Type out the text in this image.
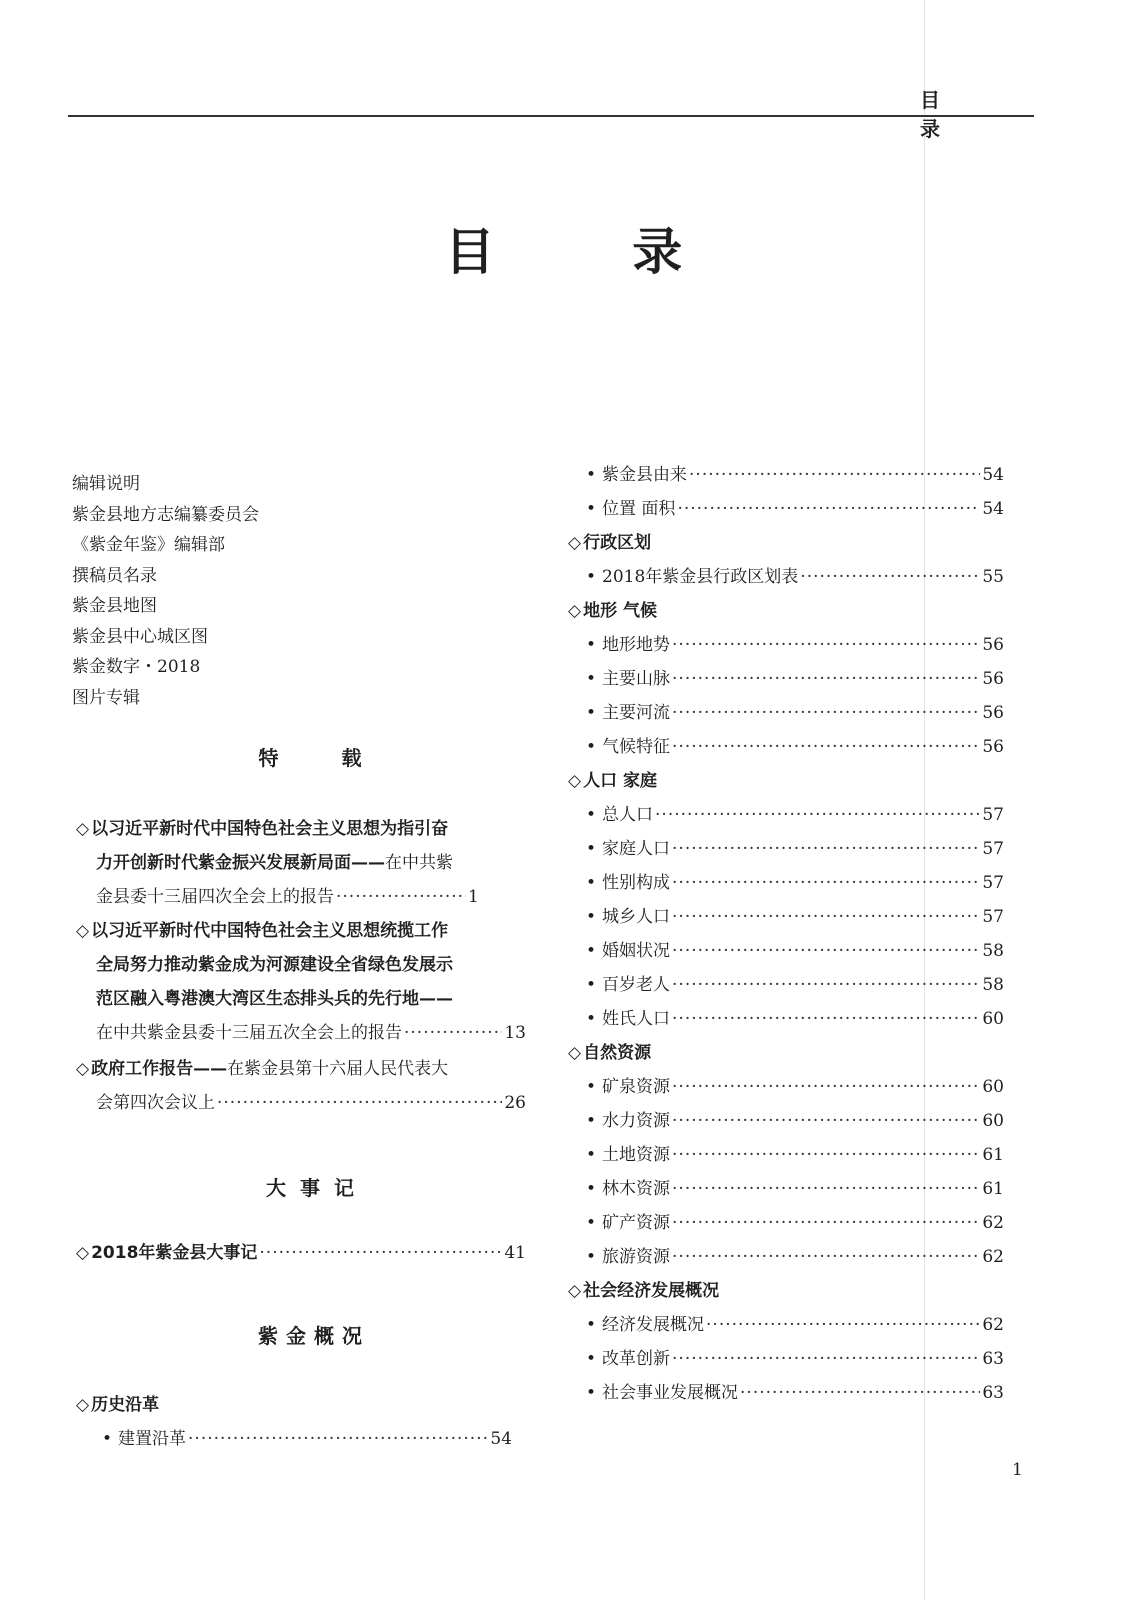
目 录
目 录
编辑说明
紫金县地方志编纂委员会
《紫金年鉴》编辑部
撰稿员名录
紫金县地图
紫金县中心城区图
紫金数字・2018
图片专辑
特 载
◇ 以习近平新时代中国特色社会主义思想为指引奋
力开创新时代紫金振兴发展新局面——在中共紫
金县委十三届四次全会上的报告 ·····	1
◇ 以习近平新时代中国特色社会主义思想统揽工作
全局努力推动紫金成为河源建设全省绿色发展示
范区融入粤港澳大湾区生态排头兵的先行地——
在中共紫金县委十三届五次全会上的报告 ·····	13
◇ 政府工作报告——在紫金县第十六届人民代表大
会第四次会议上 ·····	26
大事记
◇ 2018年紫金县大事记 ·····	41
紫金概况
◇ 历史沿革
• 建置沿革 ·····	54
• 紫金县由来 ·····	54
• 位置 面积 ·····	54
◇ 行政区划
• 2018年紫金县行政区划表 ·····	55
◇ 地形 气候
• 地形地势 ·····	56
• 主要山脉 ·····	56
• 主要河流 ·····	56
• 气候特征 ·····	56
◇ 人口 家庭
• 总人口 ·····	57
• 家庭人口 ·····	57
• 性别构成 ·····	57
• 城乡人口 ·····	57
• 婚姻状况 ·····	58
• 百岁老人 ·····	58
• 姓氏人口 ·····	60
◇ 自然资源
• 矿泉资源 ·····	60
• 水力资源 ·····	60
• 土地资源 ·····	61
• 林木资源 ·····	61
• 矿产资源 ·····	62
• 旅游资源 ·····	62
◇ 社会经济发展概况
• 经济发展概况 ·····	62
• 改革创新 ·····	63
• 社会事业发展概况 ·····	63
1
